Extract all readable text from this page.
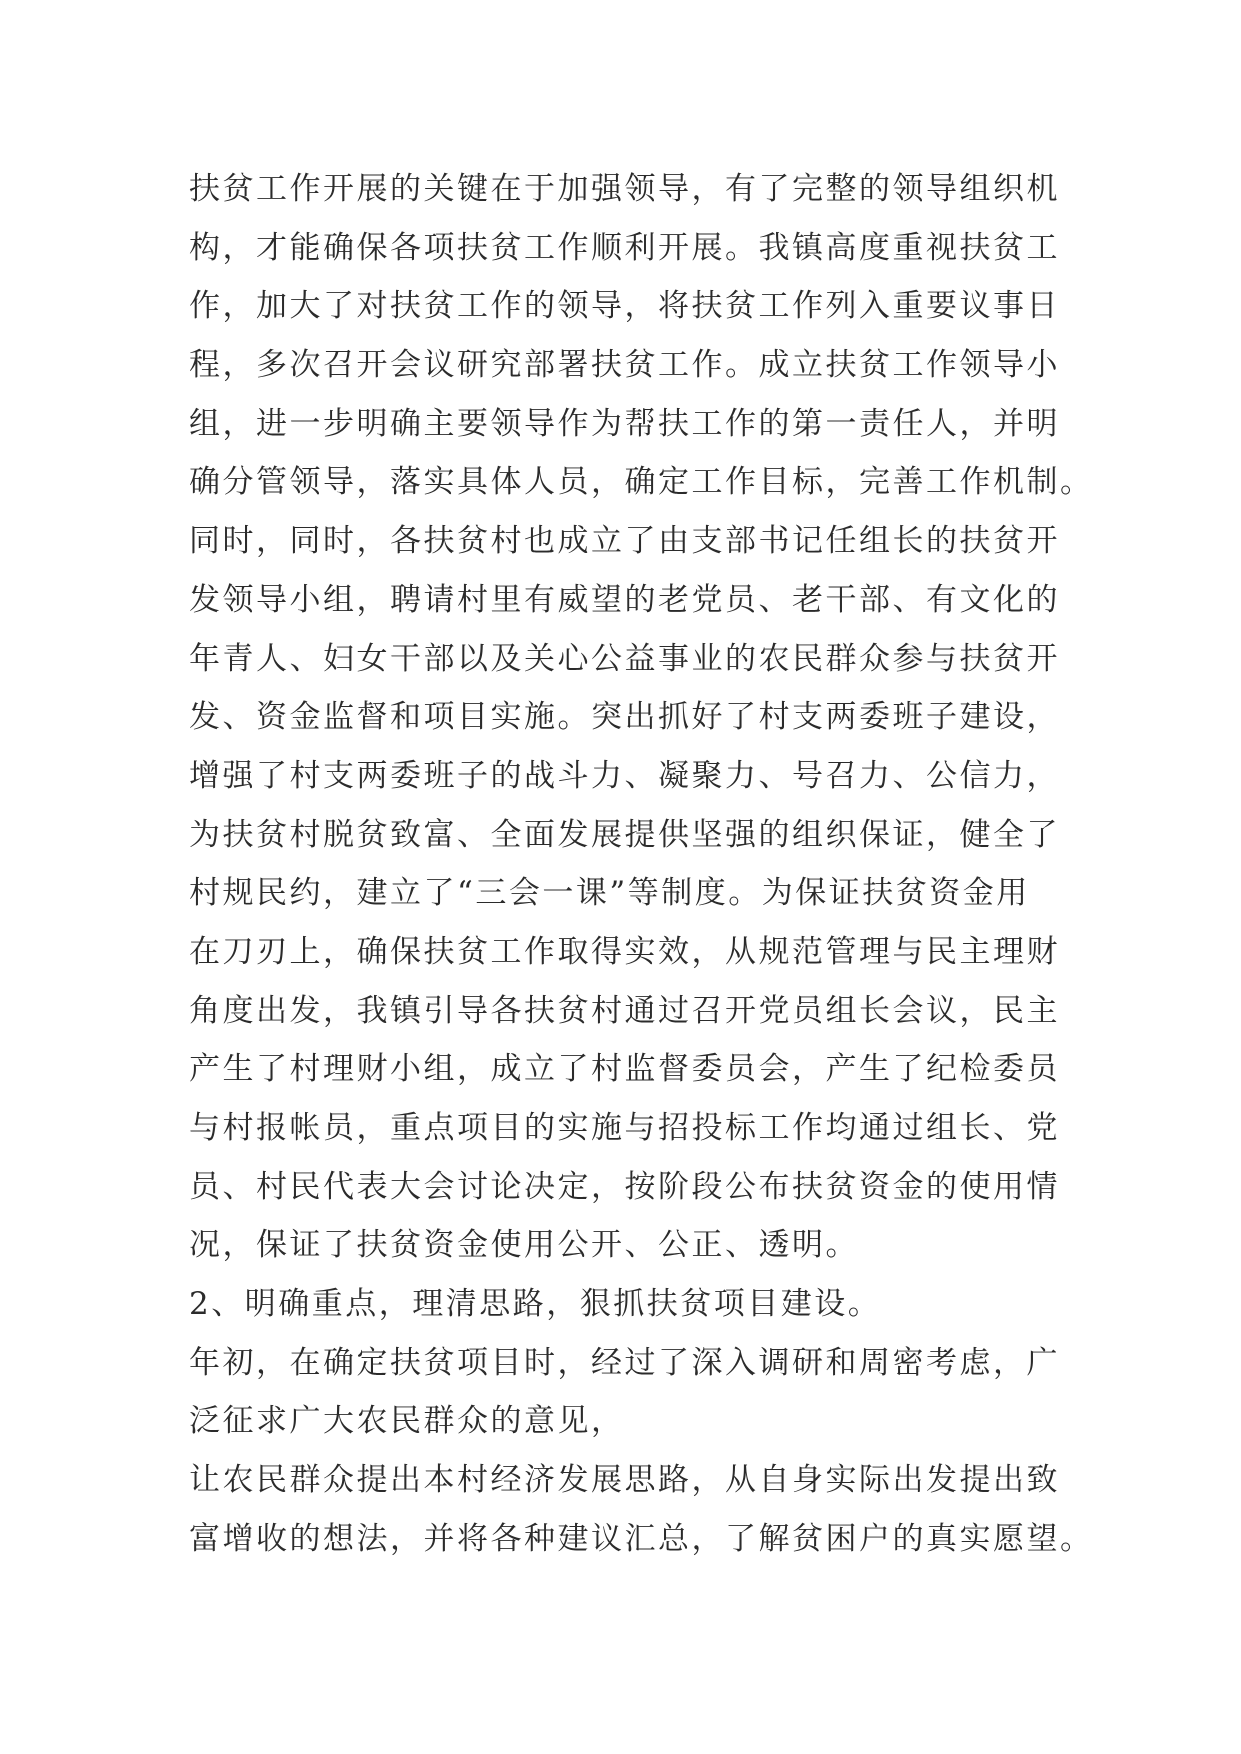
扶贫工作开展的关键在于加强领导，有了完整的领导组织机
构，才能确保各项扶贫工作顺利开展。我镇高度重视扶贫工
作，加大了对扶贫工作的领导，将扶贫工作列入重要议事日
程，多次召开会议研究部署扶贫工作。成立扶贫工作领导小
组，进一步明确主要领导作为帮扶工作的第一责任人，并明
确分管领导，落实具体人员，确定工作目标，完善工作机制。
同时，同时，各扶贫村也成立了由支部书记任组长的扶贫开
发领导小组，聘请村里有威望的老党员、老干部、有文化的
年青人、妇女干部以及关心公益事业的农民群众参与扶贫开
发、资金监督和项目实施。突出抓好了村支两委班子建设，
增强了村支两委班子的战斗力、凝聚力、号召力、公信力，
为扶贫村脱贫致富、全面发展提供坚强的组织保证，健全了
村规民约，建立了“三会一课”等制度。为保证扶贫资金用
在刀刃上，确保扶贫工作取得实效，从规范管理与民主理财
角度出发，我镇引导各扶贫村通过召开党员组长会议，民主
产生了村理财小组，成立了村监督委员会，产生了纪检委员
与村报帐员，重点项目的实施与招投标工作均通过组长、党
员、村民代表大会讨论决定，按阶段公布扶贫资金的使用情
况，保证了扶贫资金使用公开、公正、透明。
2、明确重点，理清思路，狠抓扶贫项目建设。
年初，在确定扶贫项目时，经过了深入调研和周密考虑，广
泛征求广大农民群众的意见，
让农民群众提出本村经济发展思路，从自身实际出发提出致
富增收的想法，并将各种建议汇总，了解贫困户的真实愿望。
